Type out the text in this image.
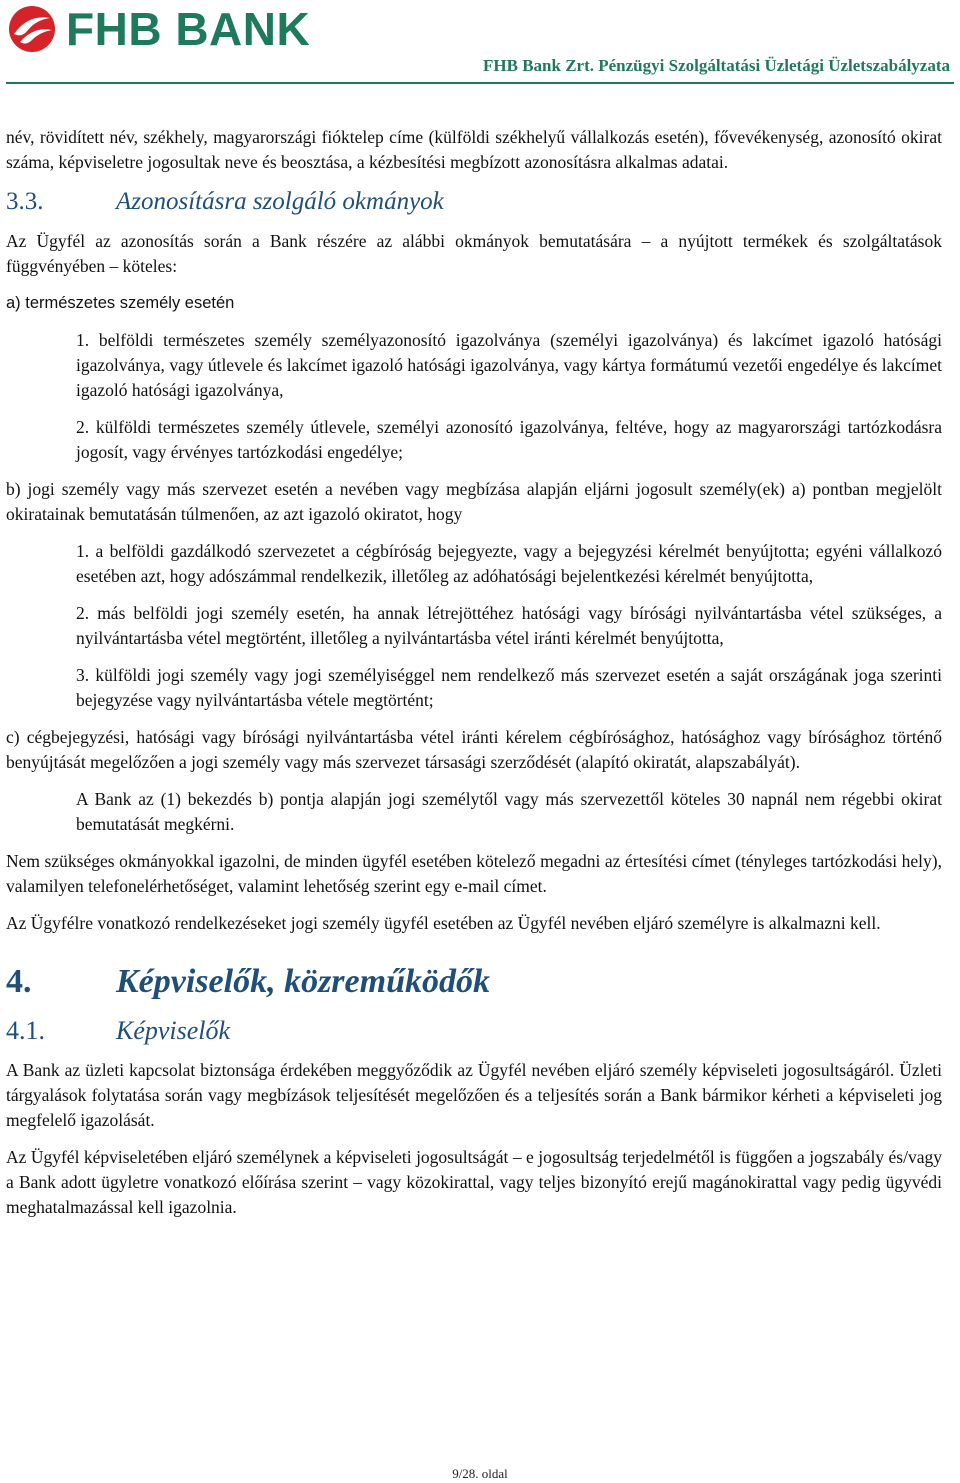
FHB BANK
FHB Bank Zrt. Pénzügyi Szolgáltatási Üzletági Üzletszabályzata

név, rövidített név, székhely, magyarországi fióktelep címe (külföldi székhelyű vállalkozás esetén), fővevékenység, azonosító okirat száma, képviseletre jogosultak neve és beosztása, a kézbesítési megbízott azonosításra alkalmas adatai.

3.3.	Azonosításra szolgáló okmányok

Az Ügyfél az azonosítás során a Bank részére az alábbi okmányok bemutatására – a nyújtott termékek és szolgáltatások függvényében – köteles:

a) természetes személy esetén

1. belföldi természetes személy személyazonosító igazolványa (személyi igazolványa) és lakcímet igazoló hatósági igazolványa, vagy útlevele és lakcímet igazoló hatósági igazolványa, vagy kártya formátumú vezetői engedélye és lakcímet igazoló hatósági igazolványa,

2. külföldi természetes személy útlevele, személyi azonosító igazolványa, feltéve, hogy az magyarországi tartózkodásra jogosít, vagy érvényes tartózkodási engedélye;

b) jogi személy vagy más szervezet esetén a nevében vagy megbízása alapján eljárni jogosult személy(ek) a) pontban megjelölt okiratainak bemutatásán túlmenően, az azt igazoló okiratot, hogy

1. a belföldi gazdálkodó szervezetet a cégbíróság bejegyezte, vagy a bejegyzési kérelmét benyújtotta; egyéni vállalkozó esetében azt, hogy adószámmal rendelkezik, illetőleg az adóhatósági bejelentkezési kérelmét benyújtotta,

2. más belföldi jogi személy esetén, ha annak létrejöttéhez hatósági vagy bírósági nyilvántartásba vétel szükséges, a nyilvántartásba vétel megtörtént, illetőleg a nyilvántartásba vétel iránti kérelmét benyújtotta,

3. külföldi jogi személy vagy jogi személyiséggel nem rendelkező más szervezet esetén a saját országának joga szerinti bejegyzése vagy nyilvántartásba vétele megtörtént;

c) cégbejegyzési, hatósági vagy bírósági nyilvántartásba vétel iránti kérelem cégbírósághoz, hatósághoz vagy bírósághoz történő benyújtását megelőzően a jogi személy vagy más szervezet társasági szerződését (alapító okiratát, alapszabályát).

A Bank az (1) bekezdés b) pontja alapján jogi személytől vagy más szervezettől köteles 30 napnál nem régebbi okirat bemutatását megkérni.

Nem szükséges okmányokkal igazolni, de minden ügyfél esetében kötelező megadni az értesítési címet (tényleges tartózkodási hely), valamilyen telefonelérhetőséget, valamint lehetőség szerint egy e-mail címet.

Az Ügyfélre vonatkozó rendelkezéseket jogi személy ügyfél esetében az Ügyfél nevében eljáró személyre is alkalmazni kell.

4.	Képviselők, közreműködők
4.1.	Képviselők

A Bank az üzleti kapcsolat biztonsága érdekében meggyőződik az Ügyfél nevében eljáró személy képviseleti jogosultságáról. Üzleti tárgyalások folytatása során vagy megbízások teljesítését megelőzően és a teljesítés során a Bank bármikor kérheti a képviseleti jog megfelelő igazolását.

Az Ügyfél képviseletében eljáró személynek a képviseleti jogosultságát – e jogosultság terjedelmétől is függően a jogszabály és/vagy a Bank adott ügyletre vonatkozó előírása szerint – vagy közokirattal, vagy teljes bizonyító erejű magánokirattal vagy pedig ügyvédi meghatalmazással kell igazolnia.

9/28. oldal
